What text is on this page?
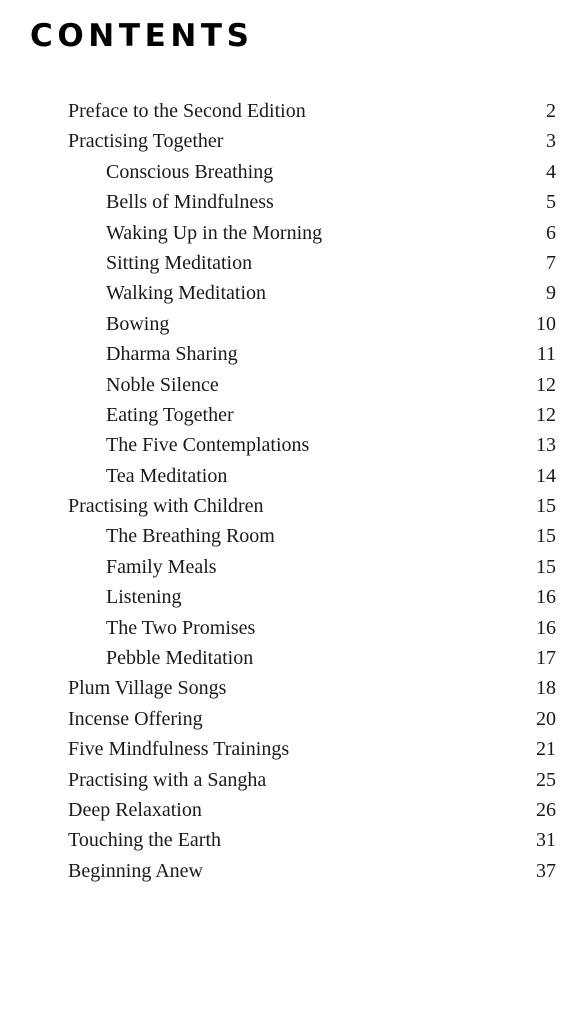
CONTENTS
Preface to the Second Edition	2
Practising Together	3
Conscious Breathing	4
Bells of Mindfulness	5
Waking Up in the Morning	6
Sitting Meditation	7
Walking Meditation	9
Bowing	10
Dharma Sharing	11
Noble Silence	12
Eating Together	12
The Five Contemplations	13
Tea Meditation	14
Practising with Children	15
The Breathing Room	15
Family Meals	15
Listening	16
The Two Promises	16
Pebble Meditation	17
Plum Village Songs	18
Incense Offering	20
Five Mindfulness Trainings	21
Practising with a Sangha	25
Deep Relaxation	26
Touching the Earth	31
Beginning Anew	37
